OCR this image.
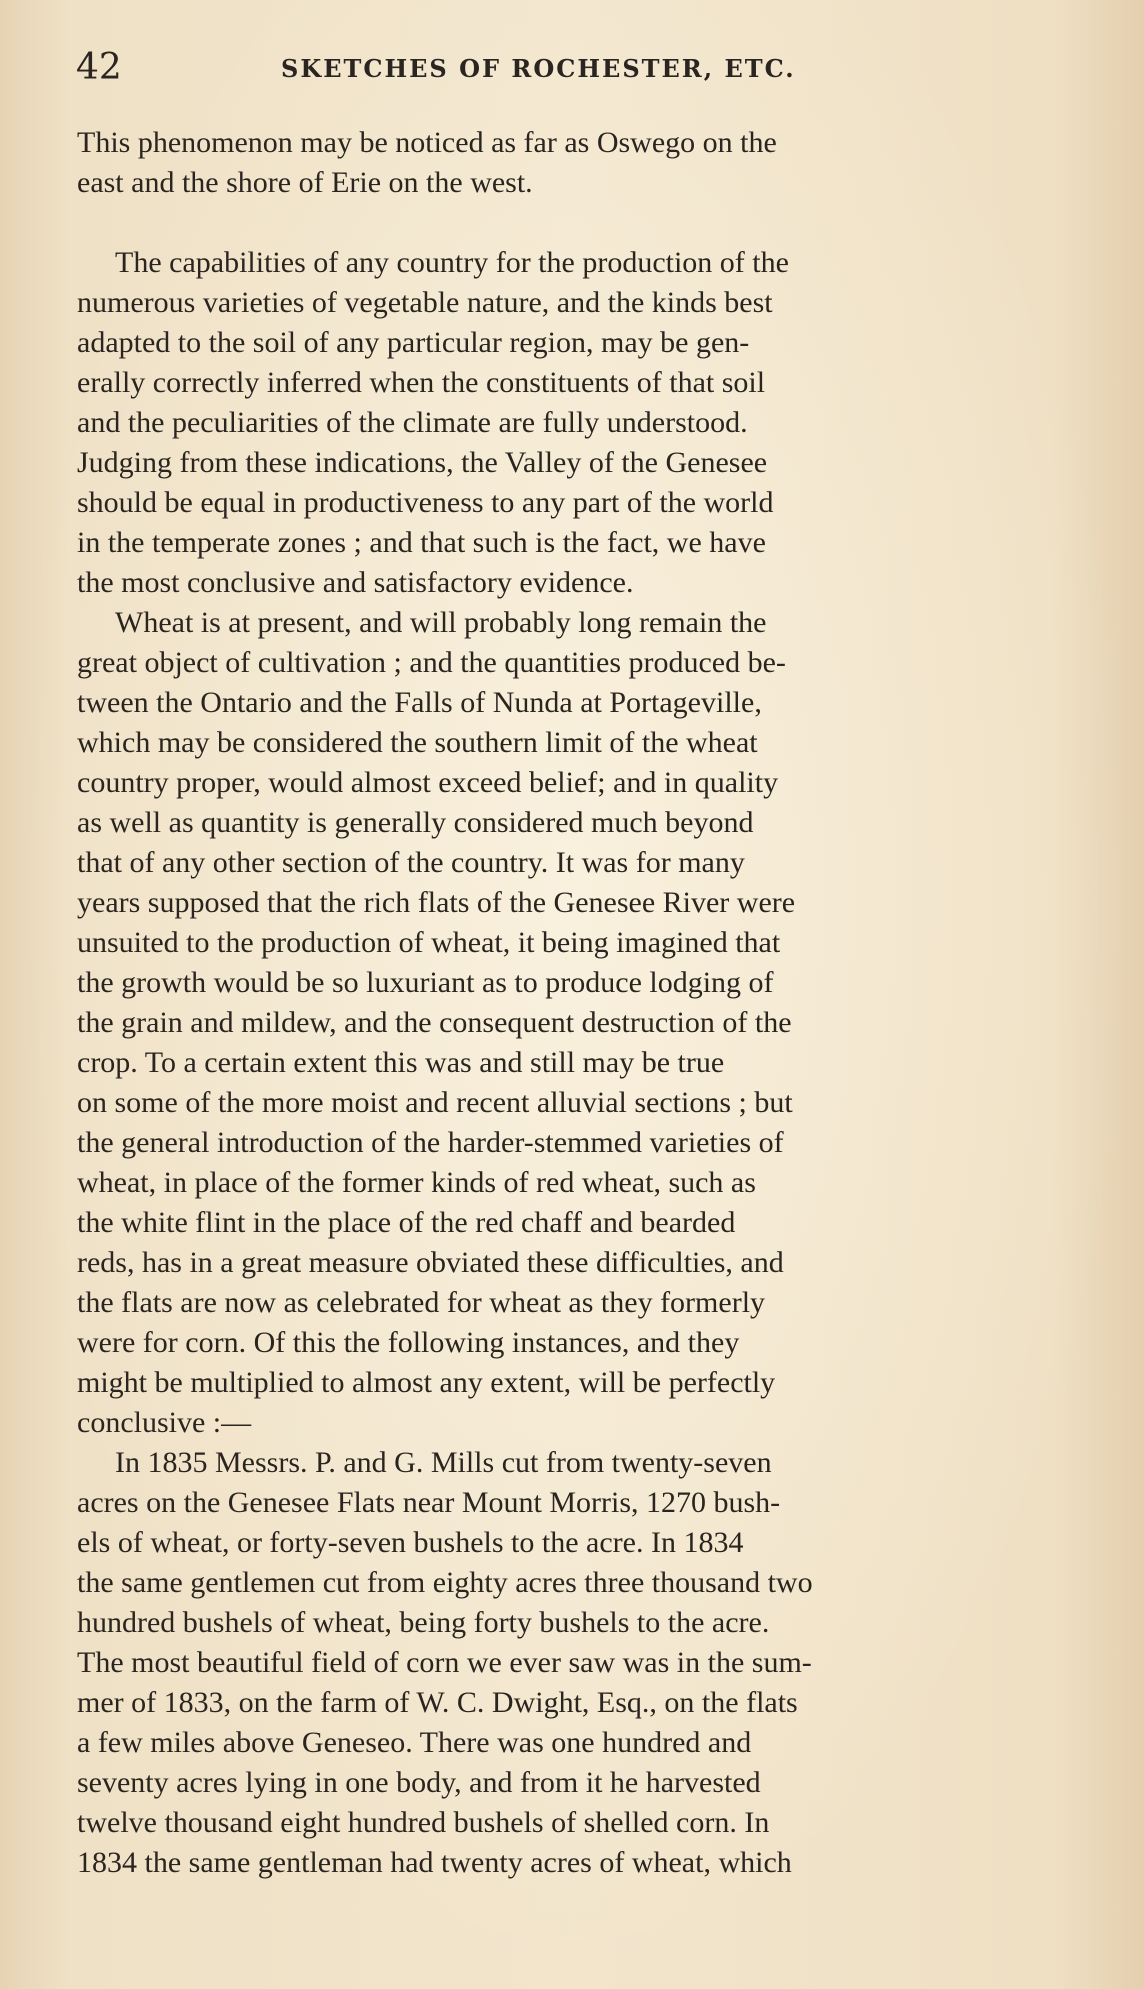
42	SKETCHES OF ROCHESTER, ETC.
This phenomenon may be noticed as far as Oswego on the
east and the shore of Erie on the west.
The capabilities of any country for the production of the
numerous varieties of vegetable nature, and the kinds best
adapted to the soil of any particular region, may be gen-
erally correctly inferred when the constituents of that soil
and the peculiarities of the climate are fully understood.
Judging from these indications, the Valley of the Genesee
should be equal in productiveness to any part of the world
in the temperate zones ; and that such is the fact, we have
the most conclusive and satisfactory evidence.
Wheat is at present, and will probably long remain the
great object of cultivation ; and the quantities produced be-
tween the Ontario and the Falls of Nunda at Portageville,
which may be considered the southern limit of the wheat
country proper, would almost exceed belief; and in quality
as well as quantity is generally considered much beyond
that of any other section of the country. It was for many
years supposed that the rich flats of the Genesee River were
unsuited to the production of wheat, it being imagined that
the growth would be so luxuriant as to produce lodging of
the grain and mildew, and the consequent destruction of the
crop. To a certain extent this was and still may be true
on some of the more moist and recent alluvial sections ; but
the general introduction of the harder-stemmed varieties of
wheat, in place of the former kinds of red wheat, such as
the white flint in the place of the red chaff and bearded
reds, has in a great measure obviated these difficulties, and
the flats are now as celebrated for wheat as they formerly
were for corn. Of this the following instances, and they
might be multiplied to almost any extent, will be perfectly
conclusive :—
In 1835 Messrs. P. and G. Mills cut from twenty-seven
acres on the Genesee Flats near Mount Morris, 1270 bush-
els of wheat, or forty-seven bushels to the acre. In 1834
the same gentlemen cut from eighty acres three thousand two
hundred bushels of wheat, being forty bushels to the acre.
The most beautiful field of corn we ever saw was in the sum-
mer of 1833, on the farm of W. C. Dwight, Esq., on the flats
a few miles above Geneseo. There was one hundred and
seventy acres lying in one body, and from it he harvested
twelve thousand eight hundred bushels of shelled corn. In
1834 the same gentleman had twenty acres of wheat, which
